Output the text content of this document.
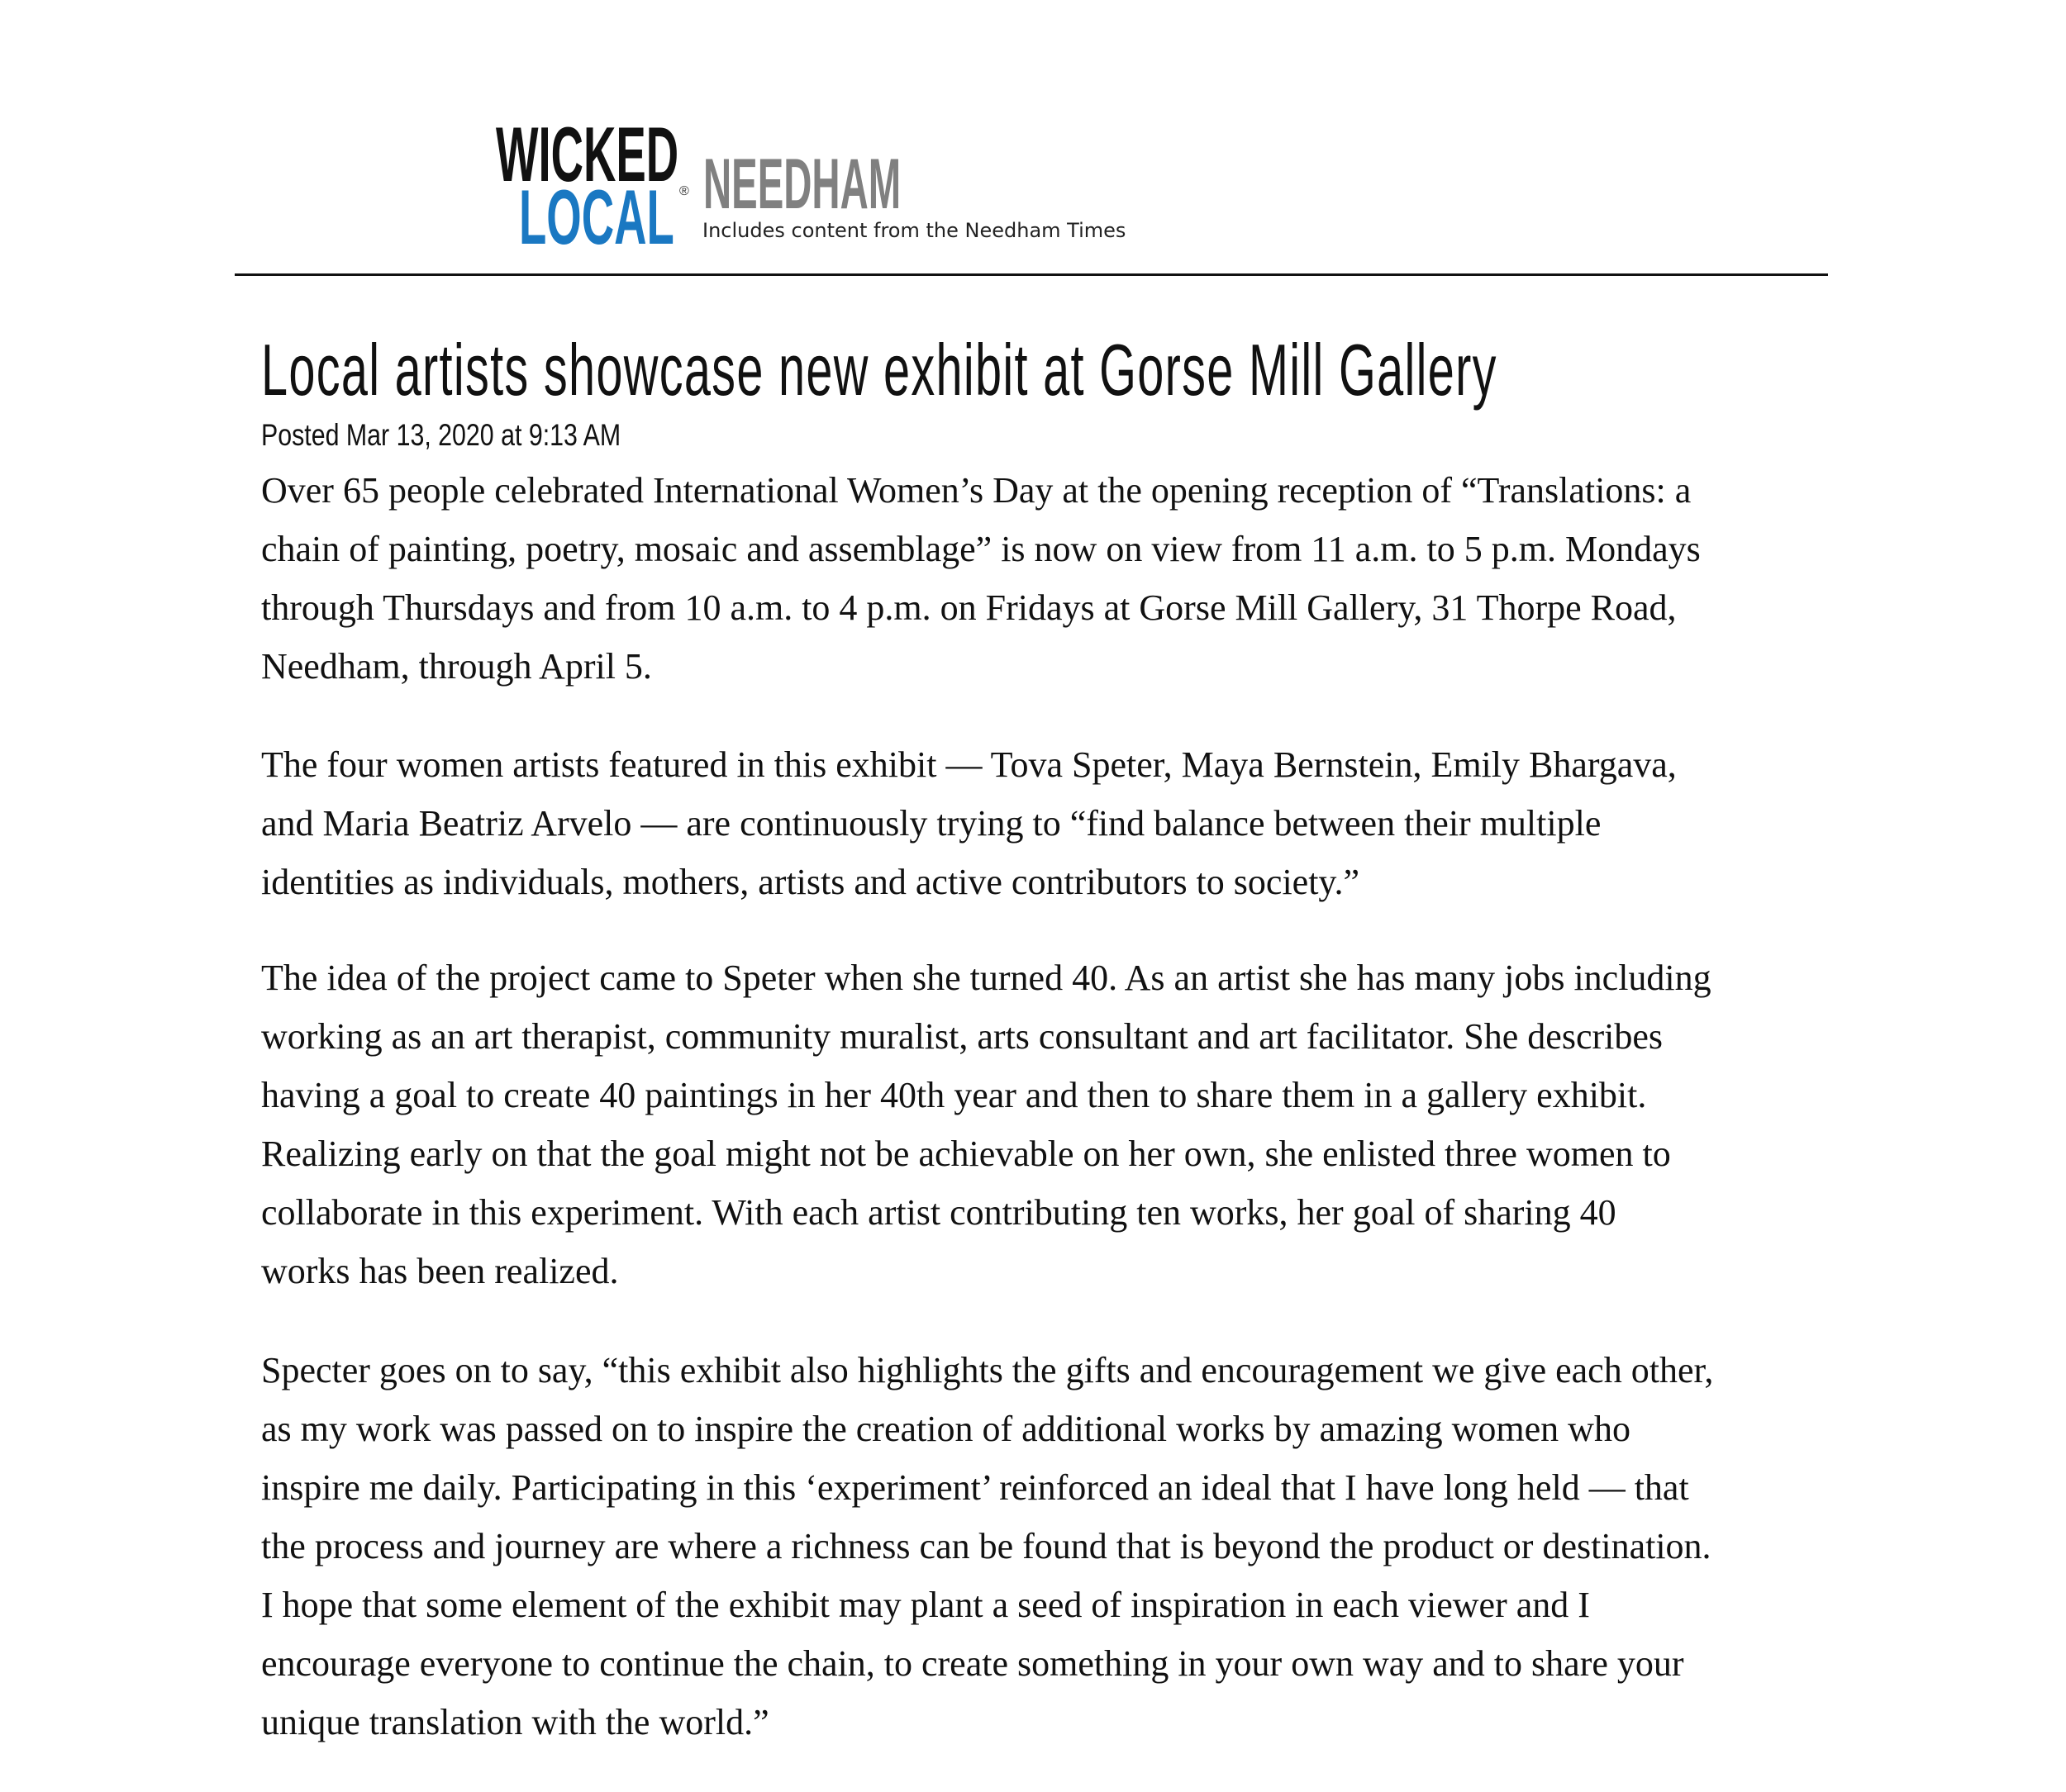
WICKED
LOCAL ® NEEDHAM
Includes content from the Needham Times
Local artists showcase new exhibit at Gorse Mill Gallery
Posted Mar 13, 2020 at 9:13 AM
Over 65 people celebrated International Women’s Day at the opening reception of “Translations: a
chain of painting, poetry, mosaic and assemblage” is now on view from 11 a.m. to 5 p.m. Mondays
through Thursdays and from 10 a.m. to 4 p.m. on Fridays at Gorse Mill Gallery, 31 Thorpe Road,
Needham, through April 5.
The four women artists featured in this exhibit — Tova Speter, Maya Bernstein, Emily Bhargava,
and Maria Beatriz Arvelo — are continuously trying to “find balance between their multiple
identities as individuals, mothers, artists and active contributors to society.”
The idea of the project came to Speter when she turned 40. As an artist she has many jobs including
working as an art therapist, community muralist, arts consultant and art facilitator. She describes
having a goal to create 40 paintings in her 40th year and then to share them in a gallery exhibit.
Realizing early on that the goal might not be achievable on her own, she enlisted three women to
collaborate in this experiment. With each artist contributing ten works, her goal of sharing 40
works has been realized.
Specter goes on to say, “this exhibit also highlights the gifts and encouragement we give each other,
as my work was passed on to inspire the creation of additional works by amazing women who
inspire me daily. Participating in this ‘experiment’ reinforced an ideal that I have long held — that
the process and journey are where a richness can be found that is beyond the product or destination.
I hope that some element of the exhibit may plant a seed of inspiration in each viewer and I
encourage everyone to continue the chain, to create something in your own way and to share your
unique translation with the world.”
